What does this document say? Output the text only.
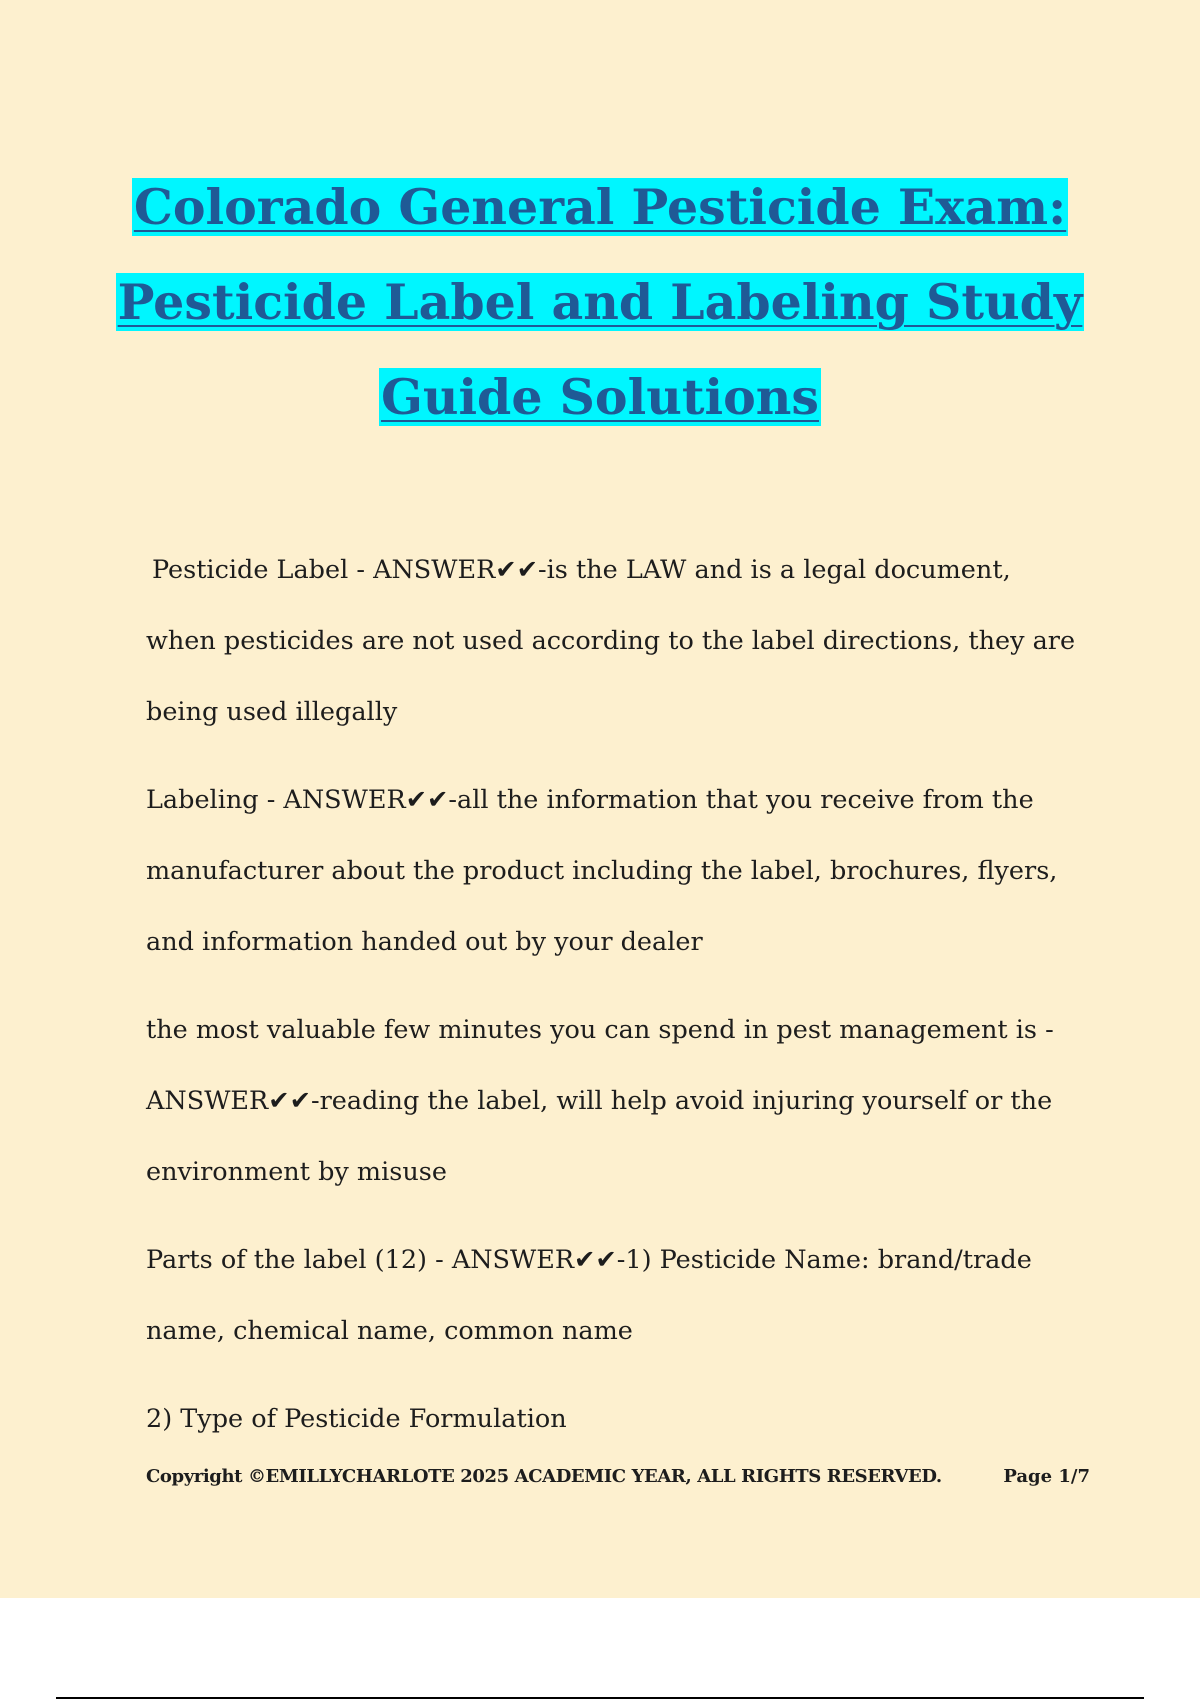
Colorado General Pesticide Exam:
Pesticide Label and Labeling Study
Guide Solutions

Pesticide Label - ANSWER✔✔-is the LAW and is a legal document, when pesticides are not used according to the label directions, they are being used illegally

Labeling - ANSWER✔✔-all the information that you receive from the manufacturer about the product including the label, brochures, flyers, and information handed out by your dealer

the most valuable few minutes you can spend in pest management is - ANSWER✔✔-reading the label, will help avoid injuring yourself or the environment by misuse

Parts of the label (12) - ANSWER✔✔-1) Pesticide Name: brand/trade name, chemical name, common name

2) Type of Pesticide Formulation

Copyright ©EMILLYCHARLOTE 2025 ACADEMIC YEAR, ALL RIGHTS RESERVED.	Page 1/7
